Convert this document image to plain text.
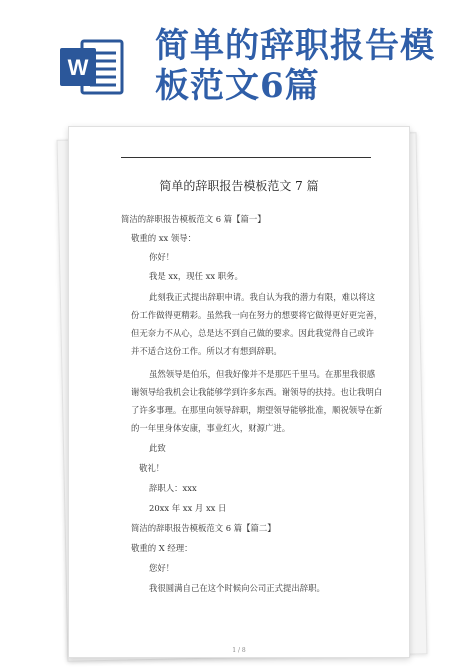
W
简单的辞职报告模板范文6篇
简单的辞职报告模板范文 7 篇
简洁的辞职报告模板范文 6 篇【篇一】
敬重的 xx 领导：
你好！
我是 xx，现任 xx 职务。
此刻我正式提出辞职申请。我自认为我的潜力有限，难以将这
份工作做得更精彩。虽然我一向在努力的想要将它做得更好更完善，
但无奈力不从心，总是达不到自己做的要求。因此我觉得自己或许
并不适合这份工作。所以才有想到辞职。
虽然领导是伯乐，但我好像并不是那匹千里马。在那里我很感
谢领导给我机会让我能够学到许多东西。谢领导的扶持。也让我明白
了许多事理。在那里向领导辞职，期望领导能够批准，顺祝领导在新
的一年里身体安康，事业红火，财源广进。
此致
敬礼！
辞职人：xxx
20xx 年 xx 月 xx 日
简洁的辞职报告模板范文 6 篇【篇二】
敬重的 X 经理：
您好！
我很圆满自己在这个时候向公司正式提出辞职。
1 / 8
